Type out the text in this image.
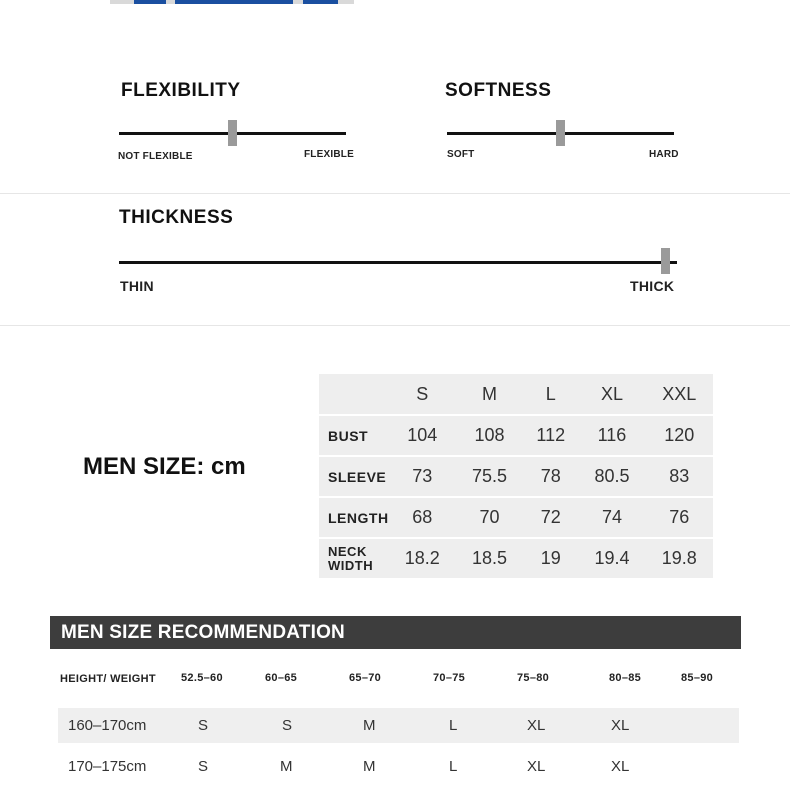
FLEXIBILITY
NOT FLEXIBLE	FLEXIBLE
SOFTNESS
SOFT	HARD
THICKNESS
THIN	THICK
MEN SIZE: cm
	S	M	L	XL	XXL
BUST	104	108	112	116	120
SLEEVE	73	75.5	78	80.5	83
LENGTH	68	70	72	74	76
NECK
WIDTH	18.2	18.5	19	19.4	19.8
MEN SIZE RECOMMENDATION
HEIGHT/ WEIGHT 52.5–60	60–65	65–70	70–75	75–80	80–85	85–90
160–170cm	S	S	M	L	XL	XL
170–175cm	S	M	M	L	XL	XL
